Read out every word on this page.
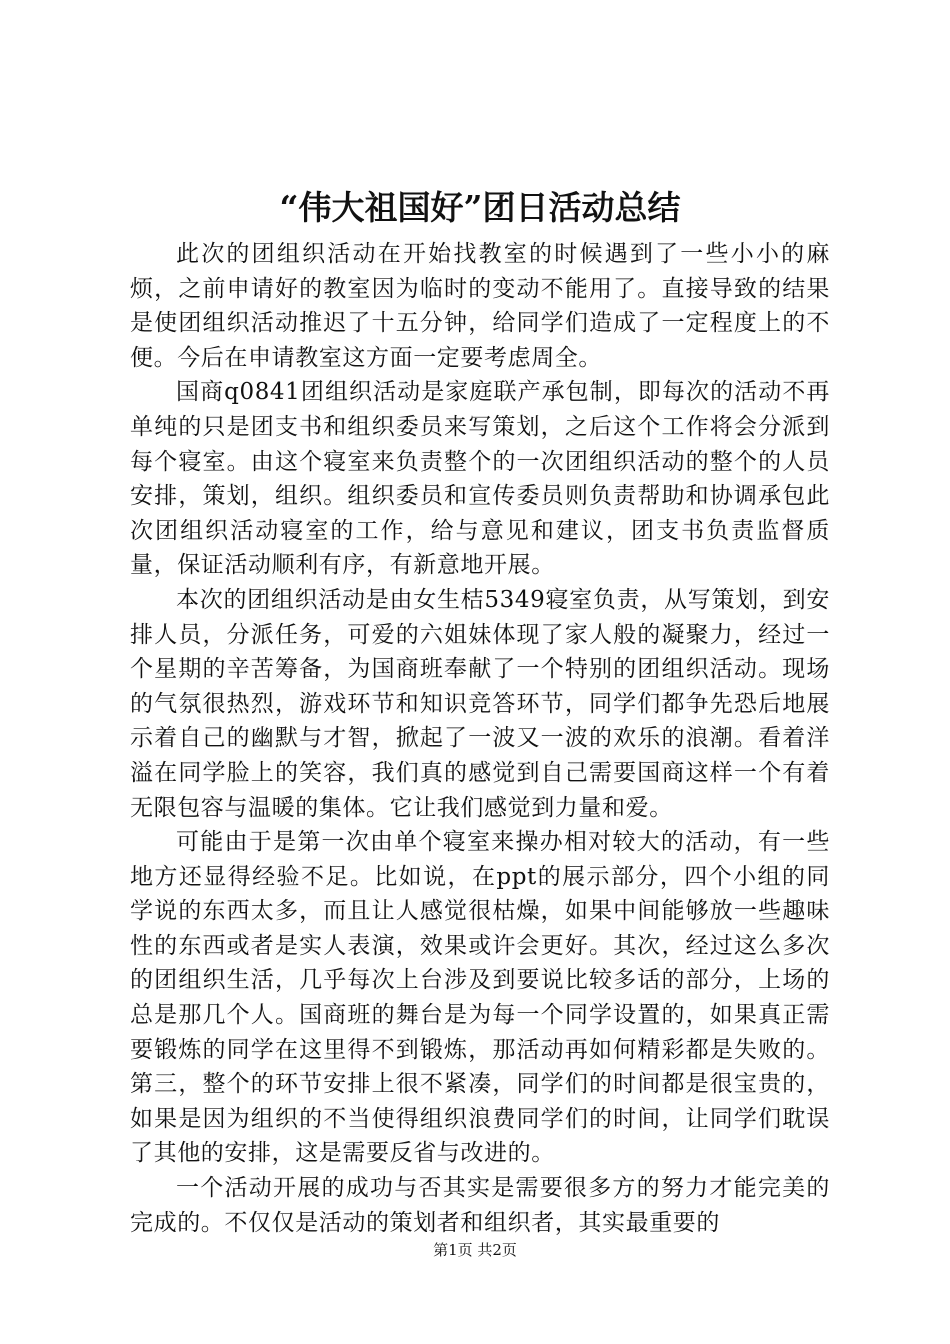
“伟大祖国好”团日活动总结

此次的团组织活动在开始找教室的时候遇到了一些小小的麻烦，之前申请好的教室因为临时的变动不能用了。直接导致的结果是使团组织活动推迟了十五分钟，给同学们造成了一定程度上的不便。今后在申请教室这方面一定要考虑周全。

国商q0841团组织活动是家庭联产承包制，即每次的活动不再单纯的只是团支书和组织委员来写策划，之后这个工作将会分派到每个寝室。由这个寝室来负责整个的一次团组织活动的整个的人员安排，策划，组织。组织委员和宣传委员则负责帮助和协调承包此次团组织活动寝室的工作，给与意见和建议，团支书负责监督质量，保证活动顺利有序，有新意地开展。

本次的团组织活动是由女生桔5349寝室负责，从写策划，到安排人员，分派任务，可爱的六姐妹体现了家人般的凝聚力，经过一个星期的辛苦筹备，为国商班奉献了一个特别的团组织活动。现场的气氛很热烈，游戏环节和知识竞答环节，同学们都争先恐后地展示着自己的幽默与才智，掀起了一波又一波的欢乐的浪潮。看着洋溢在同学脸上的笑容，我们真的感觉到自己需要国商这样一个有着无限包容与温暖的集体。它让我们感觉到力量和爱。

可能由于是第一次由单个寝室来操办相对较大的活动，有一些地方还显得经验不足。比如说，在ppt的展示部分，四个小组的同学说的东西太多，而且让人感觉很枯燥，如果中间能够放一些趣味性的东西或者是实人表演，效果或许会更好。其次，经过这么多次的团组织生活，几乎每次上台涉及到要说比较多话的部分，上场的总是那几个人。国商班的舞台是为每一个同学设置的，如果真正需要锻炼的同学在这里得不到锻炼，那活动再如何精彩都是失败的。第三，整个的环节安排上很不紧凑，同学们的时间都是很宝贵的，如果是因为组织的不当使得组织浪费同学们的时间，让同学们耽误了其他的安排，这是需要反省与改进的。

一个活动开展的成功与否其实是需要很多方的努力才能完美的完成的。不仅仅是活动的策划者和组织者，其实最重要的

第1页 共2页
